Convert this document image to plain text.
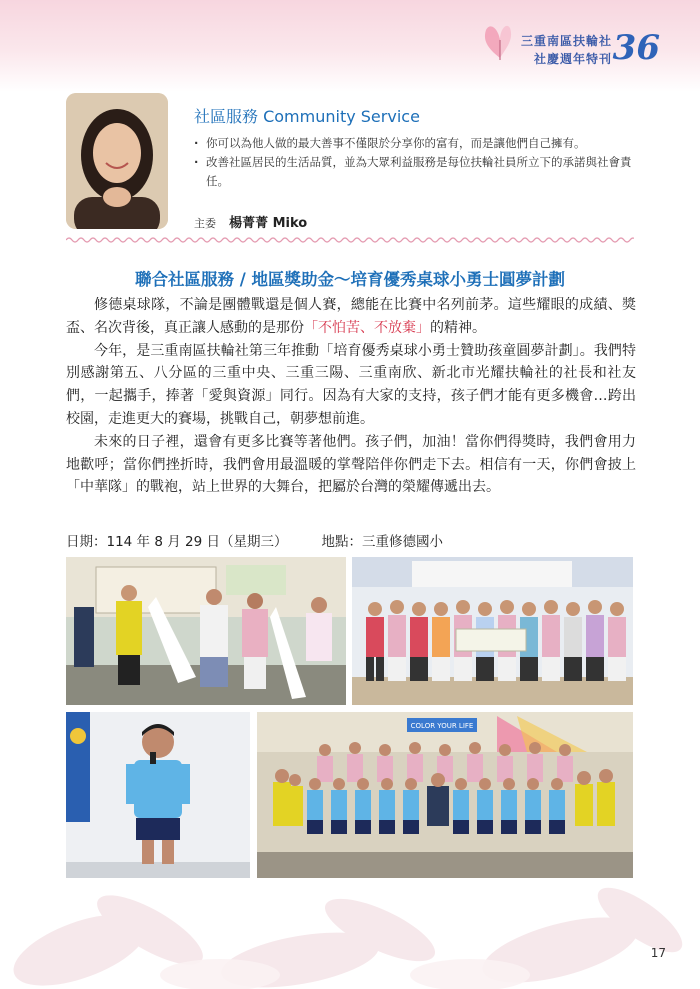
三重南區扶輪社
社慶週年特刊 36
社區服務 Community Service
· 你可以為他人做的最大善事不僅限於分享你的富有，而是讓他們自己擁有。
· 改善社區居民的生活品質，並為大眾利益服務是每位扶輪社員所立下的承諾與社會責任。
主委 楊菁菁 Miko
聯合社區服務 / 地區獎助金～培育優秀桌球小勇士圓夢計劃

修德桌球隊，不論是團體戰還是個人賽，總能在比賽中名列前茅。這些耀眼的成績、獎盃、名次背後，真正讓人感動的是那份「不怕苦、不放棄」的精神。

今年，是三重南區扶輪社第三年推動「培育優秀桌球小勇士贊助孩童圓夢計劃」。我們特別感謝第五、八分區的三重中央、三重三陽、三重南欣、新北市光耀扶輪社的社長和社友們，一起攜手，捧著「愛與資源」同行。因為有大家的支持，孩子們才能有更多機會…跨出校園，走進更大的賽場，挑戰自己，朝夢想前進。

未來的日子裡，還會有更多比賽等著他們。孩子們，加油！當你們得獎時，我們會用力地歡呼；當你們挫折時，我們會用最溫暖的掌聲陪伴你們走下去。相信有一天，你們會披上「中華隊」的戰袍，站上世界的大舞台，把屬於台灣的榮耀傳遞出去。

日期：114 年 8 月 29 日（星期三）	地點：三重修德國小
COLOR YOUR LIFE
17
